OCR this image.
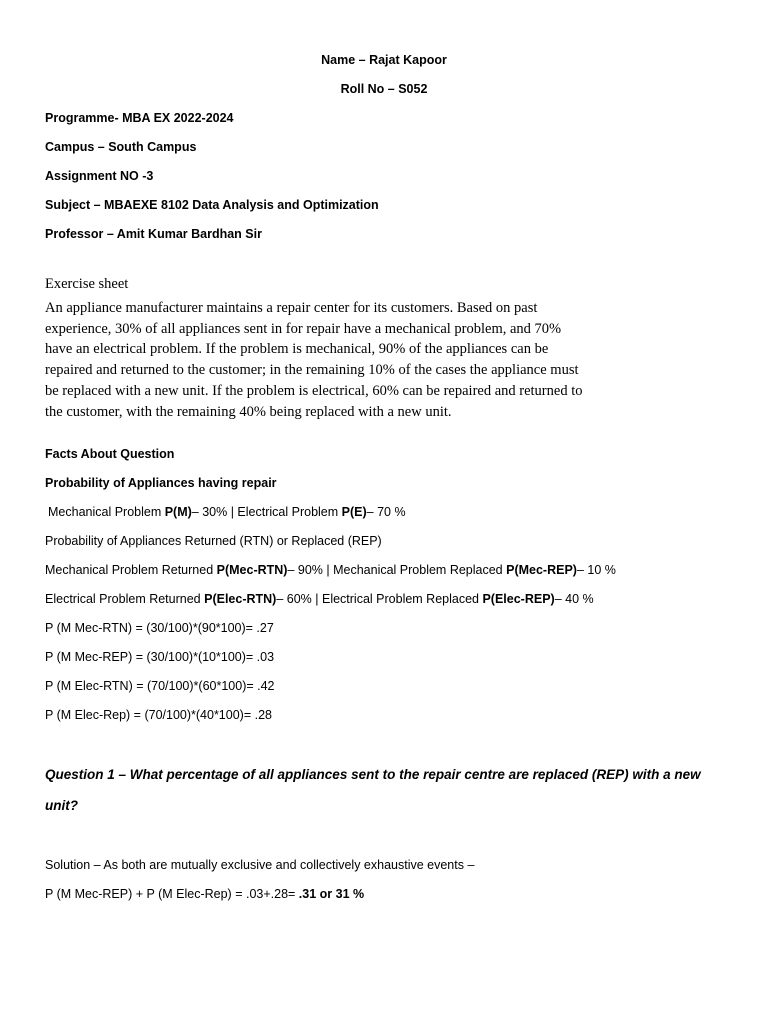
Name – Rajat Kapoor
Roll No – S052
Programme- MBA EX 2022-2024
Campus – South Campus
Assignment NO -3
Subject – MBAEXE 8102 Data Analysis and Optimization
Professor – Amit Kumar Bardhan Sir
Exercise sheet
An appliance manufacturer maintains a repair center for its customers. Based on past
experience, 30% of all appliances sent in for repair have a mechanical problem, and 70%
have an electrical problem. If the problem is mechanical, 90% of the appliances can be
repaired and returned to the customer; in the remaining 10% of the cases the appliance must
be replaced with a new unit. If the problem is electrical, 60% can be repaired and returned to
the customer, with the remaining 40% being replaced with a new unit.
Facts About Question
Probability of Appliances having repair
Mechanical Problem P(M)– 30% | Electrical Problem P(E)– 70 %
Probability of Appliances Returned (RTN) or Replaced (REP)
Mechanical Problem Returned P(Mec-RTN)– 90% | Mechanical Problem Replaced P(Mec-REP)– 10 %
Electrical Problem Returned P(Elec-RTN)– 60% | Electrical Problem Replaced P(Elec-REP)– 40 %
P (M Mec-RTN) = (30/100)*(90*100)= .27
P (M Mec-REP) = (30/100)*(10*100)= .03
P (M Elec-RTN) = (70/100)*(60*100)= .42
P (M Elec-Rep) = (70/100)*(40*100)= .28
Question 1 – What percentage of all appliances sent to the repair centre are replaced (REP) with a new
unit?
Solution – As both are mutually exclusive and collectively exhaustive events –
P (M Mec-REP) + P (M Elec-Rep) = .03+.28= .31 or 31 %
